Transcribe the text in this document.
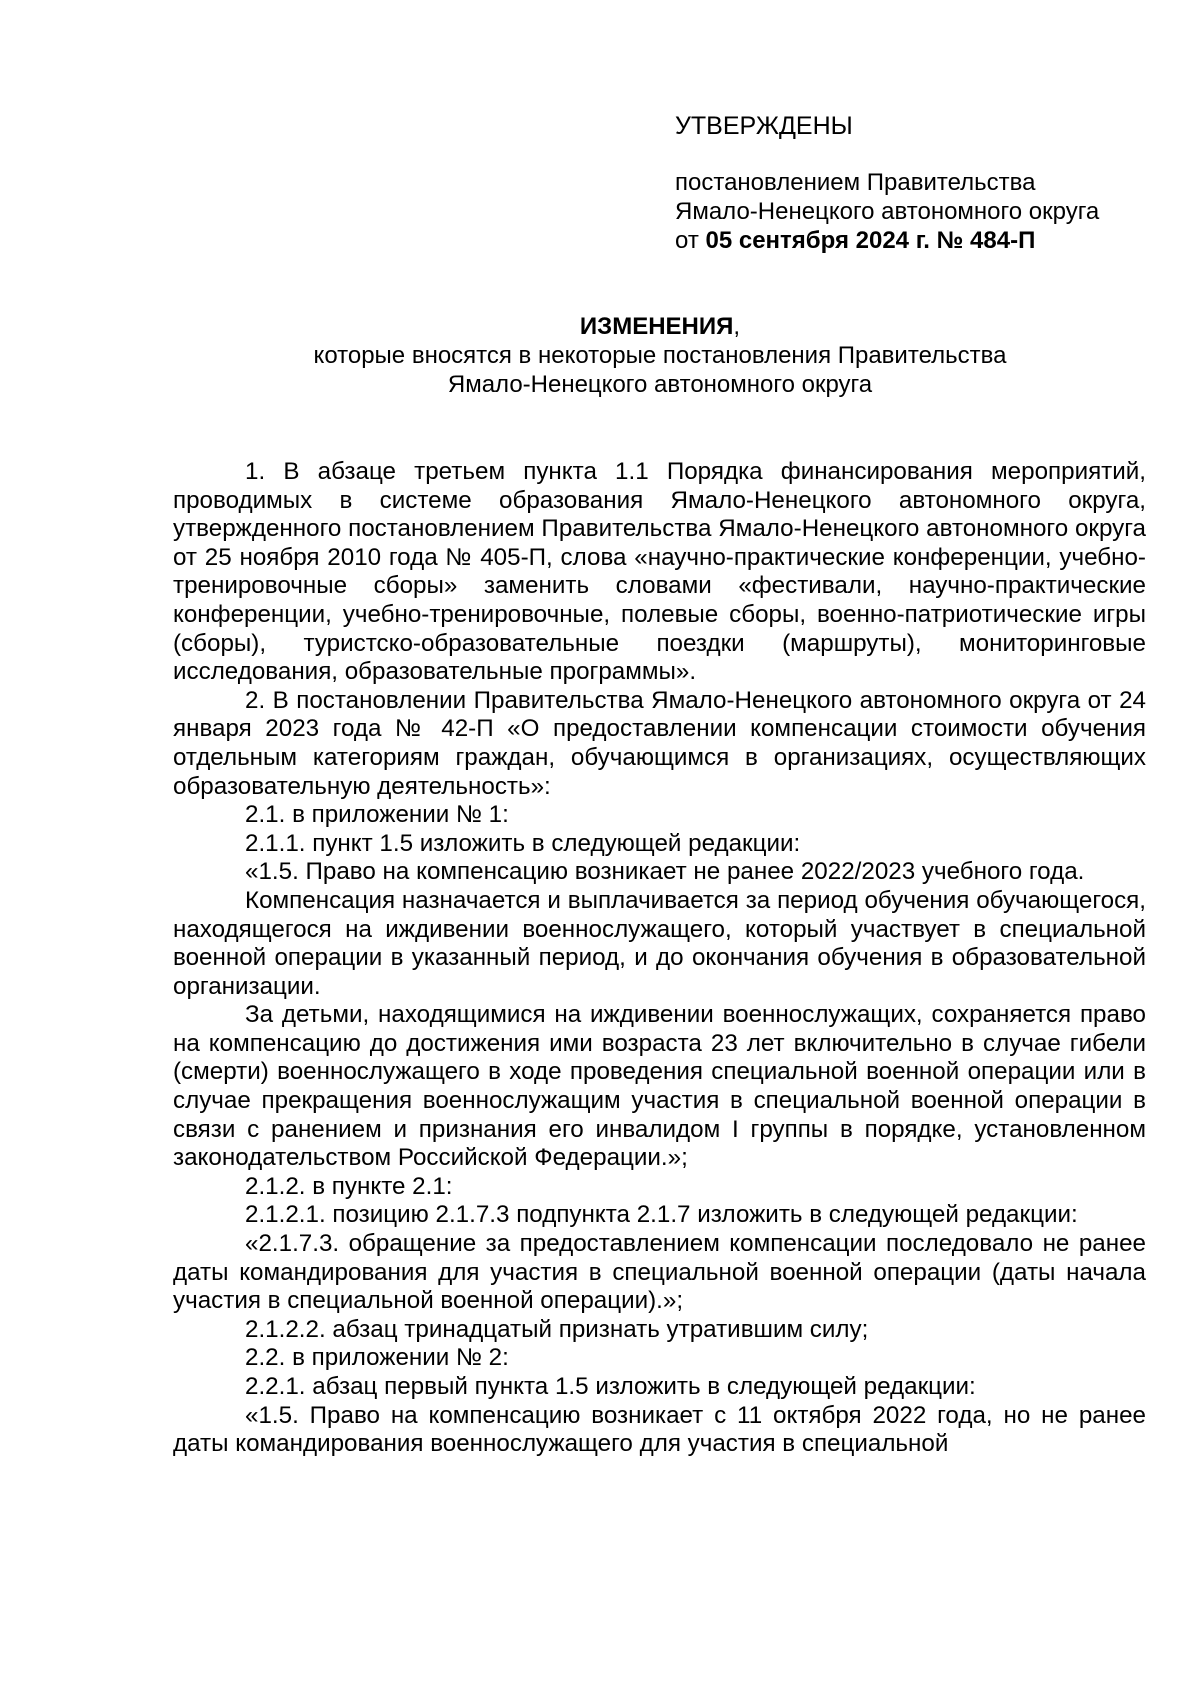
УТВЕРЖДЕНЫ

постановлением Правительства

Ямало-Ненецкого автономного округа

от 05 сентября 2024 г. № 484-П

ИЗМЕНЕНИЯ,

которые вносятся в некоторые постановления Правительства

Ямало-Ненецкого автономного округа

1. В абзаце третьем пункта 1.1 Порядка финансирования мероприятий, проводимых в системе образования Ямало-Ненецкого автономного округа, утвержденного постановлением Правительства Ямало-Ненецкого автономного округа от 25 ноября 2010 года № 405-П, слова «научно-практические конференции, учебно-тренировочные сборы» заменить словами «фестивали, научно-практические конференции, учебно-тренировочные, полевые сборы, военно-патриотические игры (сборы), туристско-образовательные поездки (маршруты), мониторинговые исследования, образовательные программы».

2. В постановлении Правительства Ямало-Ненецкого автономного округа от 24 января 2023 года № 42-П «О предоставлении компенсации стоимости обучения отдельным категориям граждан, обучающимся в организациях, осуществляющих образовательную деятельность»:

2.1. в приложении № 1:

2.1.1. пункт 1.5 изложить в следующей редакции:

«1.5. Право на компенсацию возникает не ранее 2022/2023 учебного года.

Компенсация назначается и выплачивается за период обучения обучающегося, находящегося на иждивении военнослужащего, который участвует в специальной военной операции в указанный период, и до окончания обучения в образовательной организации.

За детьми, находящимися на иждивении военнослужащих, сохраняется право на компенсацию до достижения ими возраста 23 лет включительно в случае гибели (смерти) военнослужащего в ходе проведения специальной военной операции или в случае прекращения военнослужащим участия в специальной военной операции в связи с ранением и признания его инвалидом I группы в порядке, установленном законодательством Российской Федерации.»;

2.1.2. в пункте 2.1:

2.1.2.1. позицию 2.1.7.3 подпункта 2.1.7 изложить в следующей редакции:

«2.1.7.3. обращение за предоставлением компенсации последовало не ранее даты командирования для участия в специальной военной операции (даты начала участия в специальной военной операции).»;

2.1.2.2. абзац тринадцатый признать утратившим силу;

2.2. в приложении № 2:

2.2.1. абзац первый пункта 1.5 изложить в следующей редакции:

«1.5. Право на компенсацию возникает с 11 октября 2022 года, но не ранее даты командирования военнослужащего для участия в специальной
